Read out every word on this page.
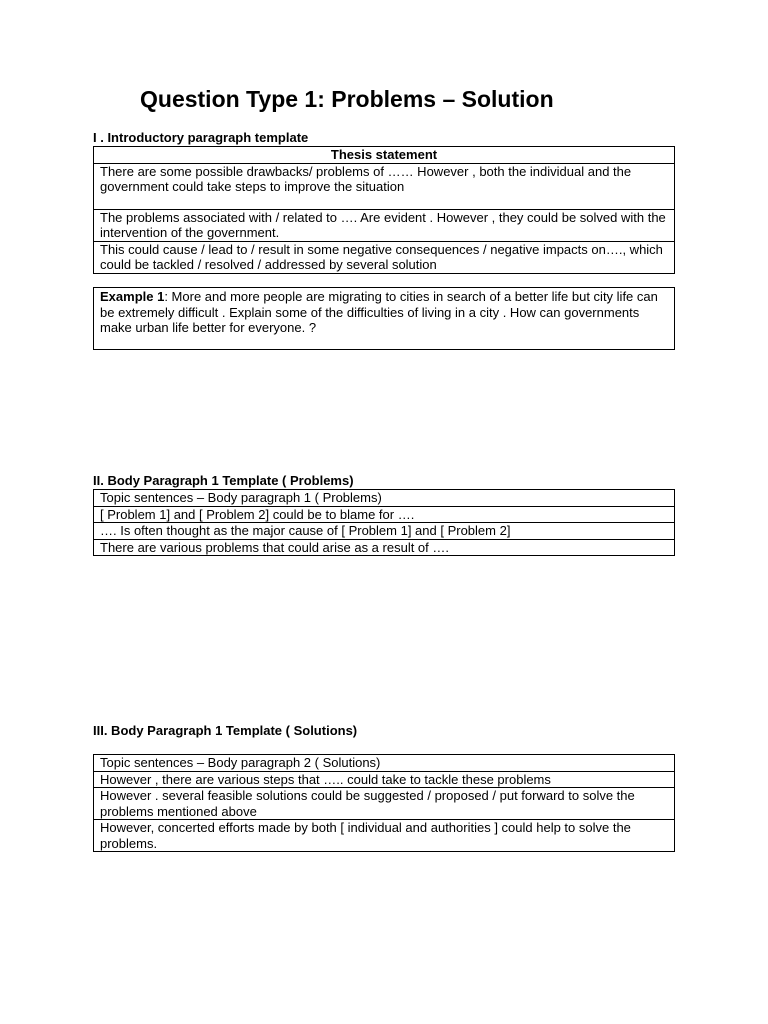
Question Type 1: Problems – Solution
I . Introductory paragraph template
Thesis statement
There are some possible drawbacks/ problems of …… However , both the individual and the government could take steps to improve the situation
The problems associated with / related to …. Are evident . However , they could be solved with the intervention of the government.
This could cause / lead to / result in some negative consequences / negative impacts on…., which could be tackled / resolved / addressed by several solution
Example 1: More and more people are migrating to cities in search of a better life but city life can be extremely difficult . Explain some of the difficulties of living in a city . How can governments make urban life better for everyone. ?
II. Body Paragraph 1 Template ( Problems)
Topic sentences – Body paragraph 1 ( Problems)
[ Problem 1] and [ Problem 2] could be to blame for ….
…. Is often thought as the major cause of [ Problem 1] and [ Problem 2]
There are various problems that could arise as a result of ….
III. Body Paragraph 1 Template ( Solutions)
Topic sentences – Body paragraph 2 ( Solutions)
However , there are various steps that ….. could take to tackle these problems
However . several feasible solutions could be suggested / proposed / put forward to solve the problems mentioned above
However, concerted efforts made by both [ individual and authorities ] could help to solve the problems.
